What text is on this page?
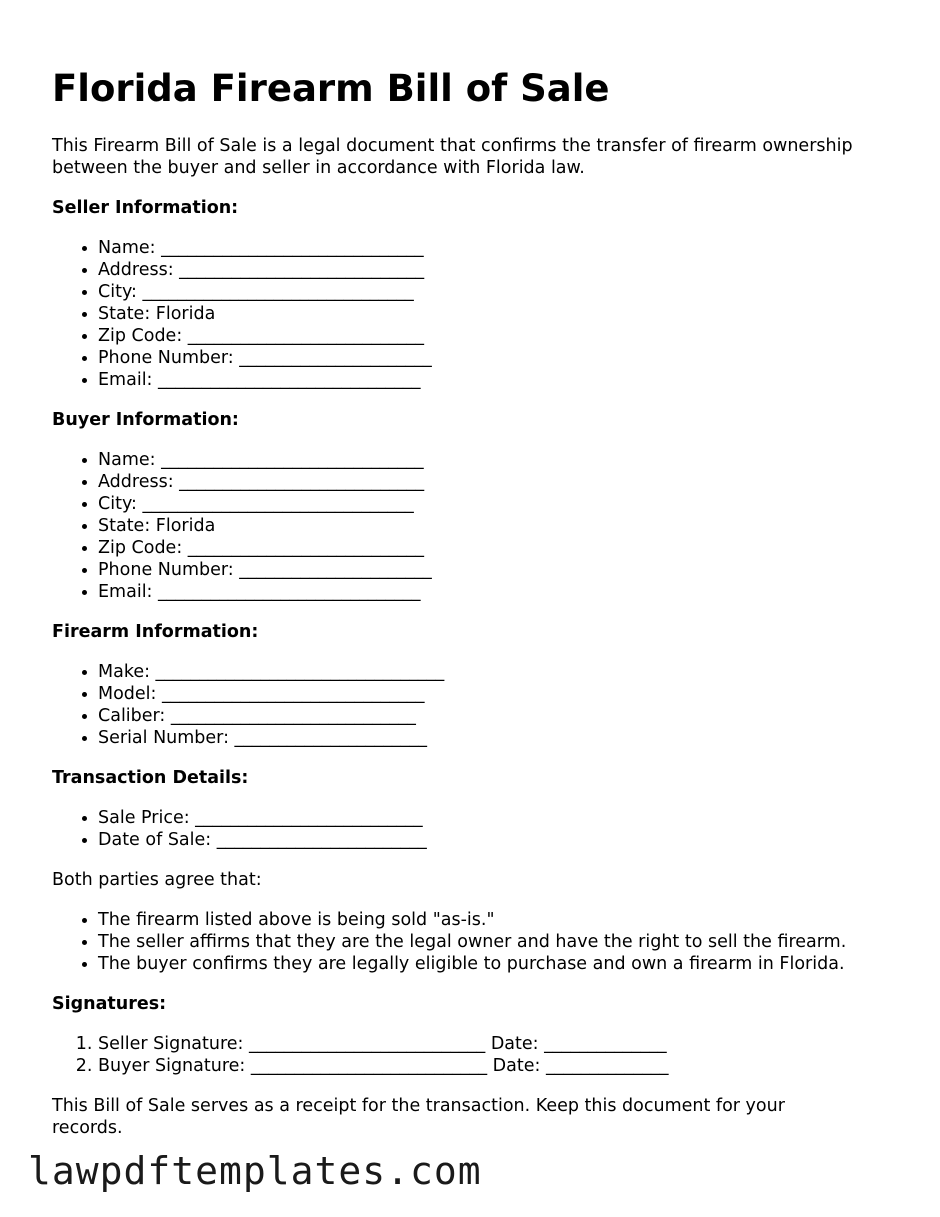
Florida Firearm Bill of Sale

This Firearm Bill of Sale is a legal document that confirms the transfer of firearm ownership between the buyer and seller in accordance with Florida law.

Seller Information:

• Name: ______________________________
• Address: ____________________________
• City: _______________________________
• State: Florida
• Zip Code: ___________________________
• Phone Number: ______________________
• Email: ______________________________

Buyer Information:

• Name: ______________________________
• Address: ____________________________
• City: _______________________________
• State: Florida
• Zip Code: ___________________________
• Phone Number: ______________________
• Email: ______________________________

Firearm Information:

• Make: _________________________________
• Model: ______________________________
• Caliber: ____________________________
• Serial Number: ______________________

Transaction Details:

• Sale Price: __________________________
• Date of Sale: ________________________

Both parties agree that:

• The firearm listed above is being sold "as-is."
• The seller affirms that they are the legal owner and have the right to sell the firearm.
• The buyer confirms they are legally eligible to purchase and own a firearm in Florida.

Signatures:

1. Seller Signature: ___________________________ Date: ______________
2. Buyer Signature: ___________________________ Date: ______________

This Bill of Sale serves as a receipt for the transaction. Keep this document for your records.

lawpdftemplates.com
